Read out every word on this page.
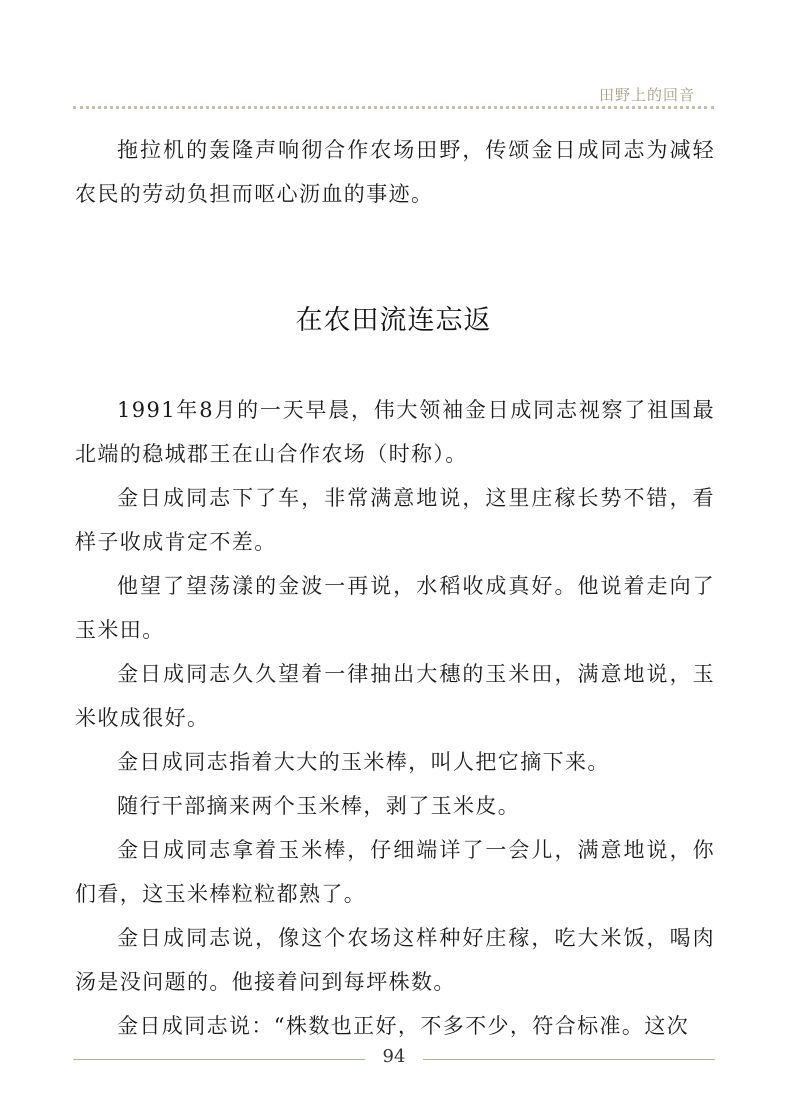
田野上的回音

拖拉机的轰隆声响彻合作农场田野，传颂金日成同志为减轻农民的劳动负担而呕心沥血的事迹。

在农田流连忘返

1991年8月的一天早晨，伟大领袖金日成同志视察了祖国最北端的稳城郡王在山合作农场（时称）。

金日成同志下了车，非常满意地说，这里庄稼长势不错，看样子收成肯定不差。

他望了望荡漾的金波一再说，水稻收成真好。他说着走向了玉米田。

金日成同志久久望着一律抽出大穗的玉米田，满意地说，玉米收成很好。

金日成同志指着大大的玉米棒，叫人把它摘下来。

随行干部摘来两个玉米棒，剥了玉米皮。

金日成同志拿着玉米棒，仔细端详了一会儿，满意地说，你们看，这玉米棒粒粒都熟了。

金日成同志说，像这个农场这样种好庄稼，吃大米饭，喝肉汤是没问题的。他接着问到每坪株数。

金日成同志说：“株数也正好，不多不少，符合标准。这次

94
